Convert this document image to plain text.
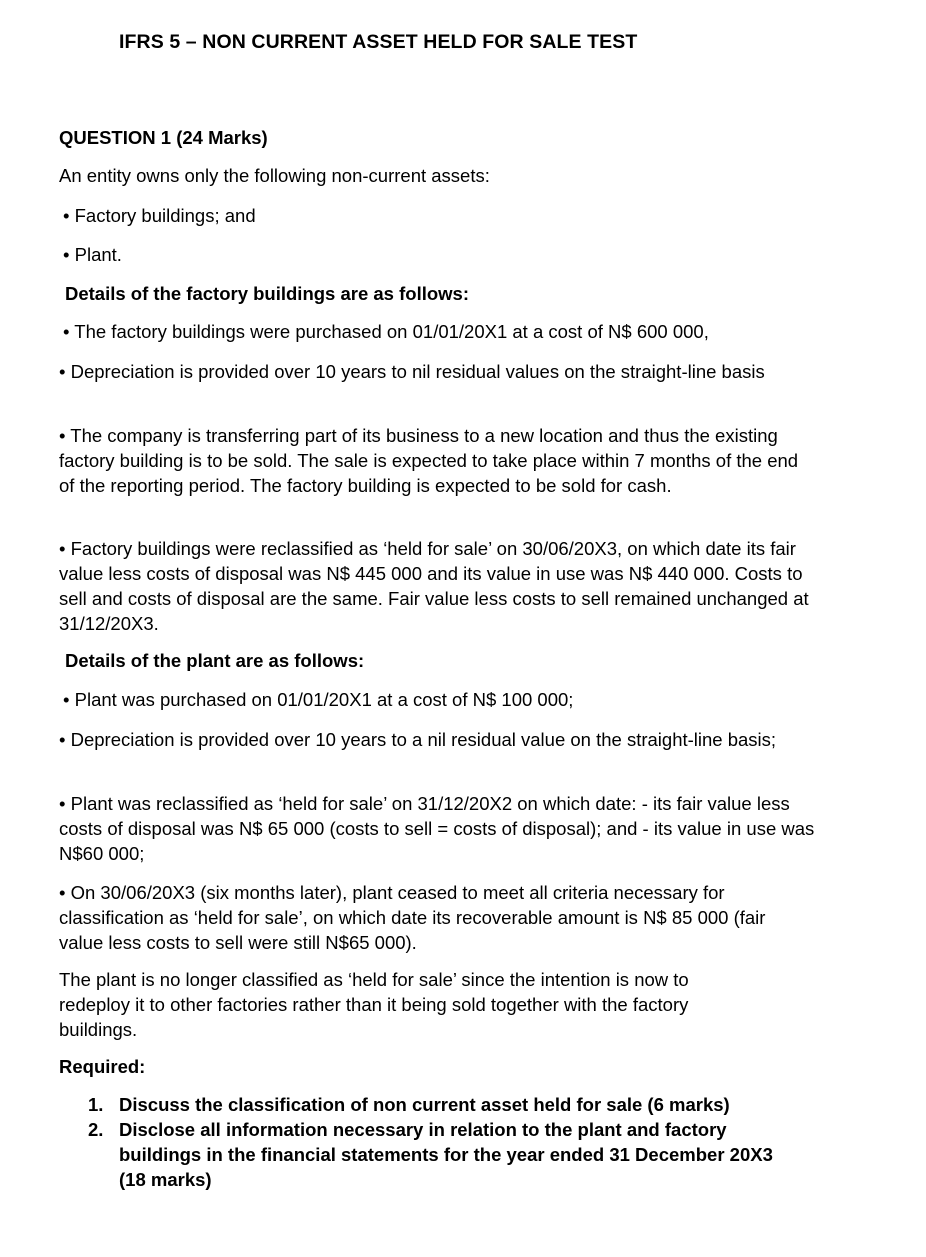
IFRS 5 – NON CURRENT ASSET HELD FOR SALE TEST
QUESTION 1 (24 Marks)
An entity owns only the following non-current assets:
• Factory buildings; and
• Plant.
Details of the factory buildings are as follows:
• The factory buildings were purchased on 01/01/20X1 at a cost of N$ 600 000,
• Depreciation is provided over 10 years to nil residual values on the straight-line basis
• The company is transferring part of its business to a new location and thus the existing factory building is to be sold. The sale is expected to take place within 7 months of the end of the reporting period. The factory building is expected to be sold for cash.
• Factory buildings were reclassified as ‘held for sale’ on 30/06/20X3, on which date its fair value less costs of disposal was N$ 445 000 and its value in use was N$ 440 000. Costs to sell and costs of disposal are the same. Fair value less costs to sell remained unchanged at 31/12/20X3.
Details of the plant are as follows:
• Plant was purchased on 01/01/20X1 at a cost of N$ 100 000;
• Depreciation is provided over 10 years to a nil residual value on the straight-line basis;
• Plant was reclassified as ‘held for sale’ on 31/12/20X2 on which date: - its fair value less costs of disposal was N$ 65 000 (costs to sell = costs of disposal); and - its value in use was N$60 000;
• On 30/06/20X3 (six months later), plant ceased to meet all criteria necessary for classification as ‘held for sale’, on which date its recoverable amount is N$ 85 000 (fair value less costs to sell were still N$65 000).
The plant is no longer classified as ‘held for sale’ since the intention is now to redeploy it to other factories rather than it being sold together with the factory buildings.
Required:
1. Discuss the classification of non current asset held for sale (6 marks)
2. Disclose all information necessary in relation to the plant and factory buildings in the financial statements for the year ended 31 December 20X3 (18 marks)
